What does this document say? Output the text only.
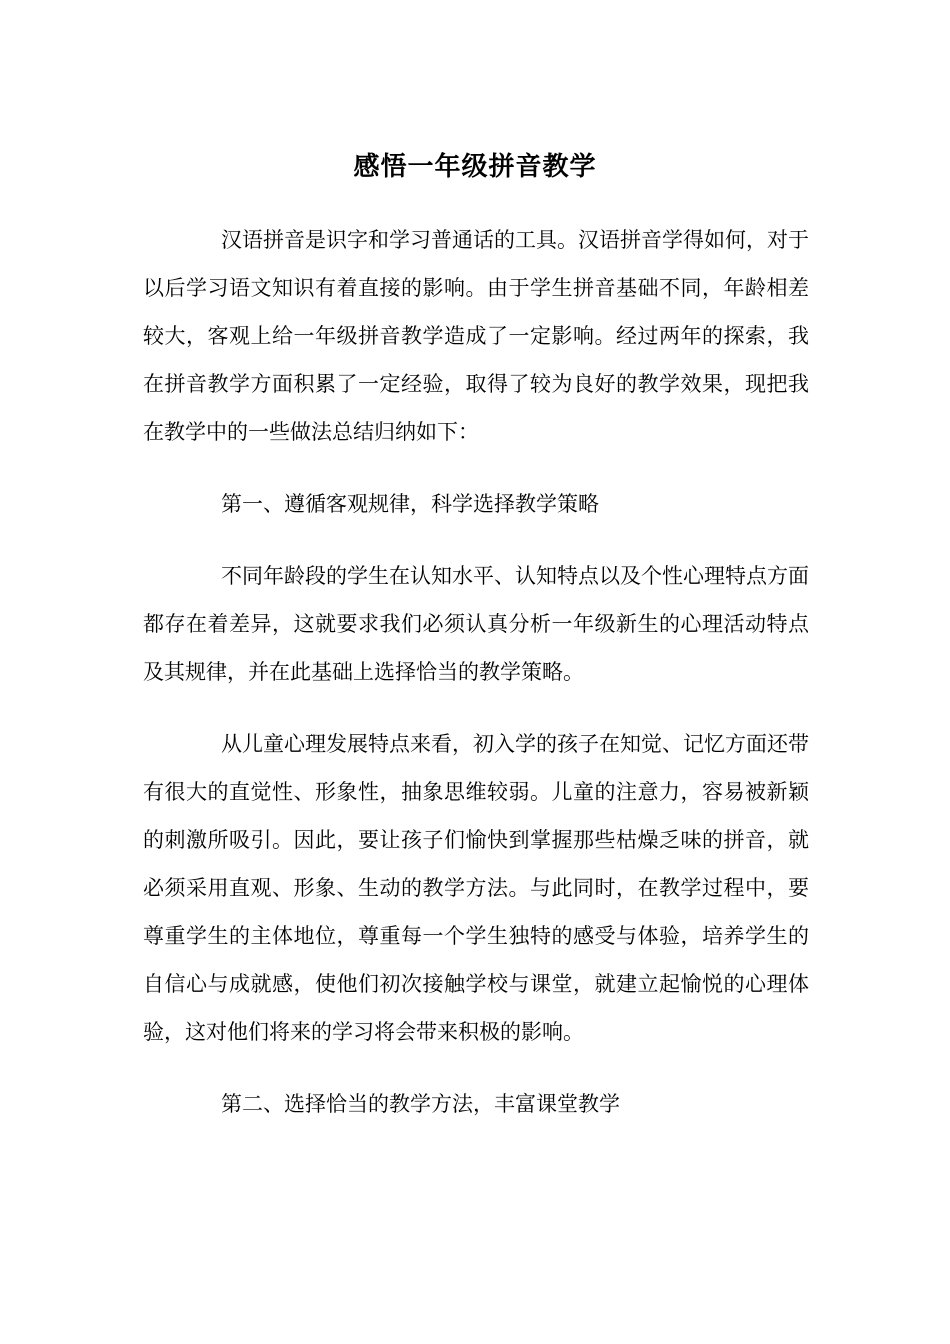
感悟一年级拼音教学

汉语拼音是识字和学习普通话的工具。汉语拼音学得如何，对于以后学习语文知识有着直接的影响。由于学生拼音基础不同，年龄相差较大，客观上给一年级拼音教学造成了一定影响。经过两年的探索，我在拼音教学方面积累了一定经验，取得了较为良好的教学效果，现把我在教学中的一些做法总结归纳如下：

第一、遵循客观规律，科学选择教学策略

不同年龄段的学生在认知水平、认知特点以及个性心理特点方面都存在着差异，这就要求我们必须认真分析一年级新生的心理活动特点及其规律，并在此基础上选择恰当的教学策略。

从儿童心理发展特点来看，初入学的孩子在知觉、记忆方面还带有很大的直觉性、形象性，抽象思维较弱。儿童的注意力，容易被新颖的刺激所吸引。因此，要让孩子们愉快到掌握那些枯燥乏味的拼音，就必须采用直观、形象、生动的教学方法。与此同时，在教学过程中，要尊重学生的主体地位，尊重每一个学生独特的感受与体验，培养学生的自信心与成就感，使他们初次接触学校与课堂，就建立起愉悦的心理体验，这对他们将来的学习将会带来积极的影响。

第二、选择恰当的教学方法，丰富课堂教学
